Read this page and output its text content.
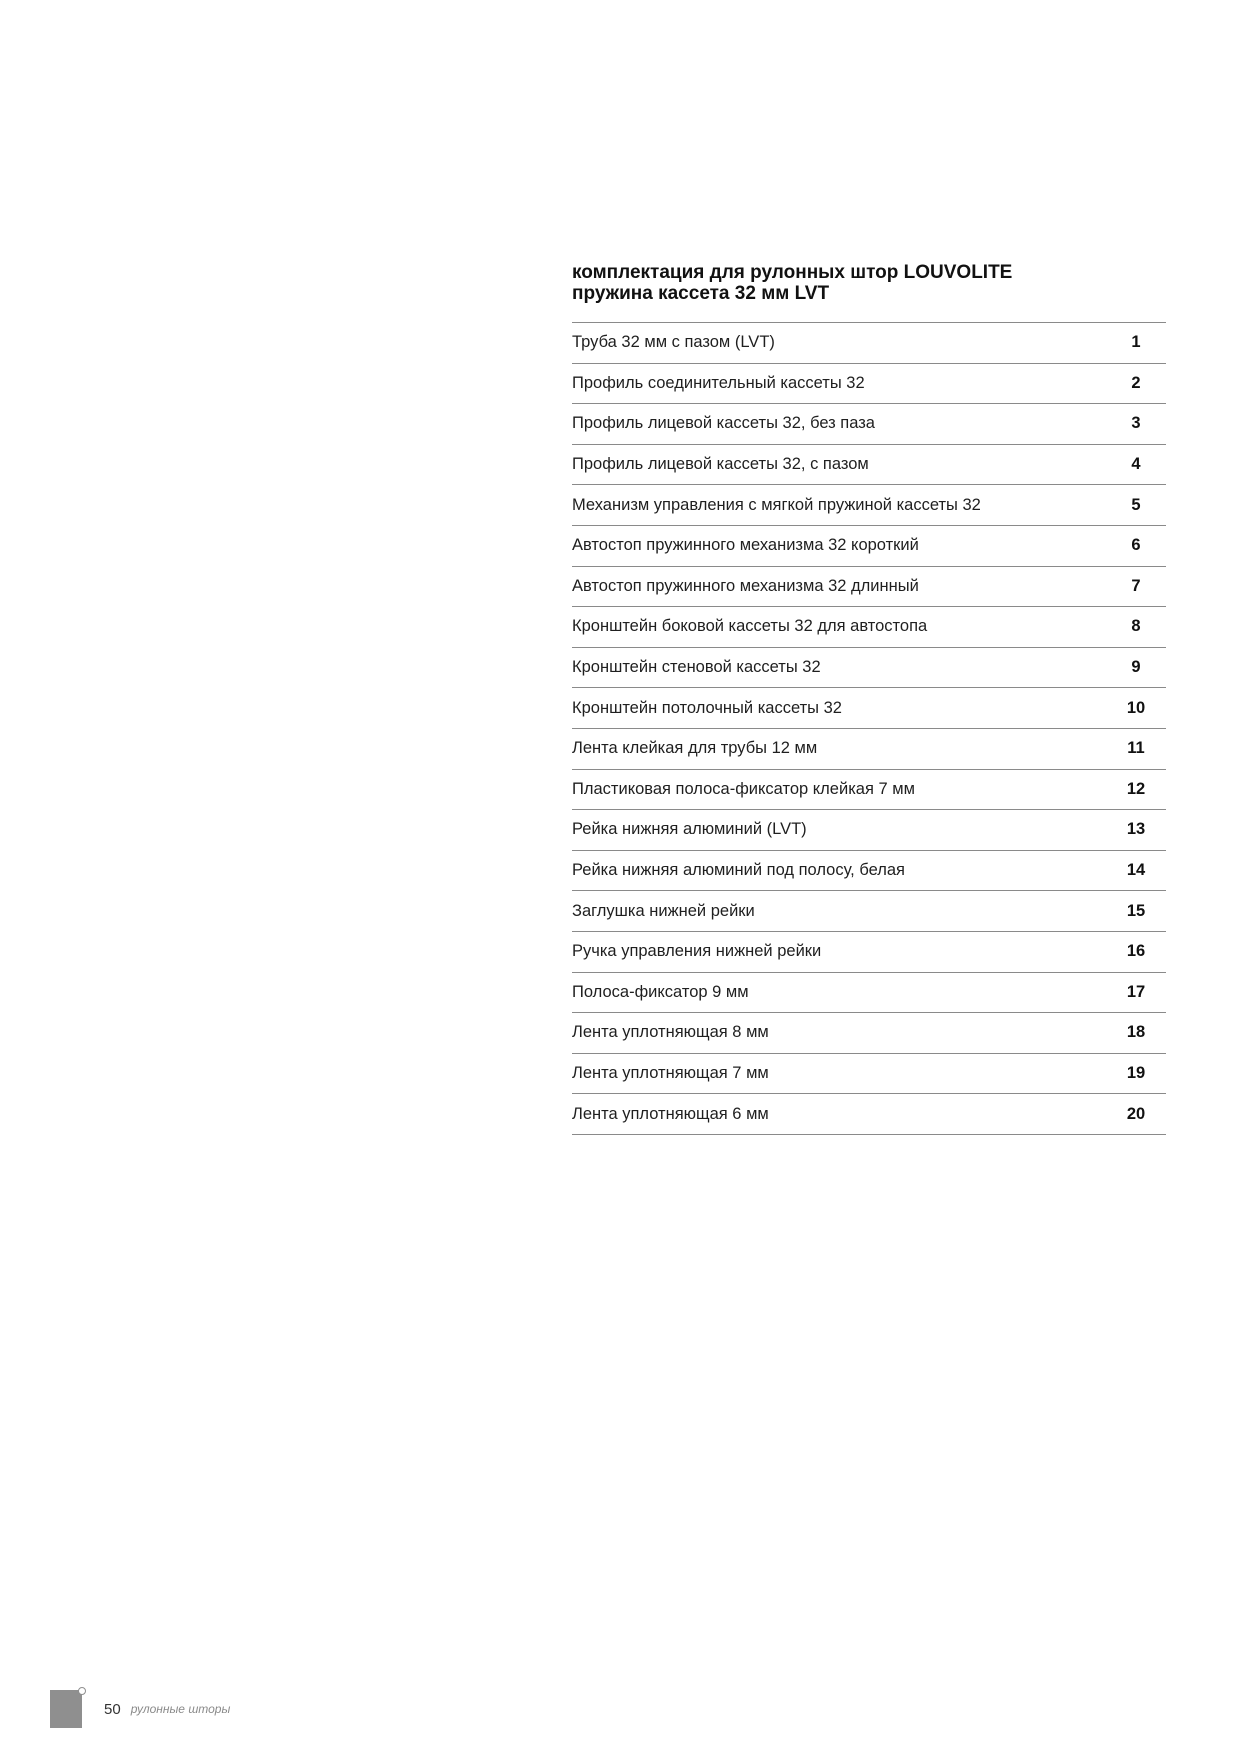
комплектация для рулонных штор LOUVOLITE
пружина кассета 32 мм LVT
Труба 32 мм с пазом (LVT)	1
Профиль соединительный кассеты 32	2
Профиль лицевой кассеты 32, без паза	3
Профиль лицевой кассеты 32, с пазом	4
Механизм управления с мягкой пружиной кассеты 32	5
Автостоп пружинного механизма 32 короткий	6
Автостоп пружинного механизма 32 длинный	7
Кронштейн боковой кассеты 32 для автостопа	8
Кронштейн стеновой кассеты 32	9
Кронштейн потолочный кассеты 32	10
Лента клейкая для трубы 12 мм	11
Пластиковая полоса-фиксатор клейкая 7 мм	12
Рейка нижняя алюминий (LVT)	13
Рейка нижняя алюминий под полосу, белая	14
Заглушка нижней рейки	15
Ручка управления нижней рейки	16
Полоса-фиксатор 9 мм	17
Лента уплотняющая 8 мм	18
Лента уплотняющая 7 мм	19
Лента уплотняющая 6 мм	20
50 рулонные шторы
